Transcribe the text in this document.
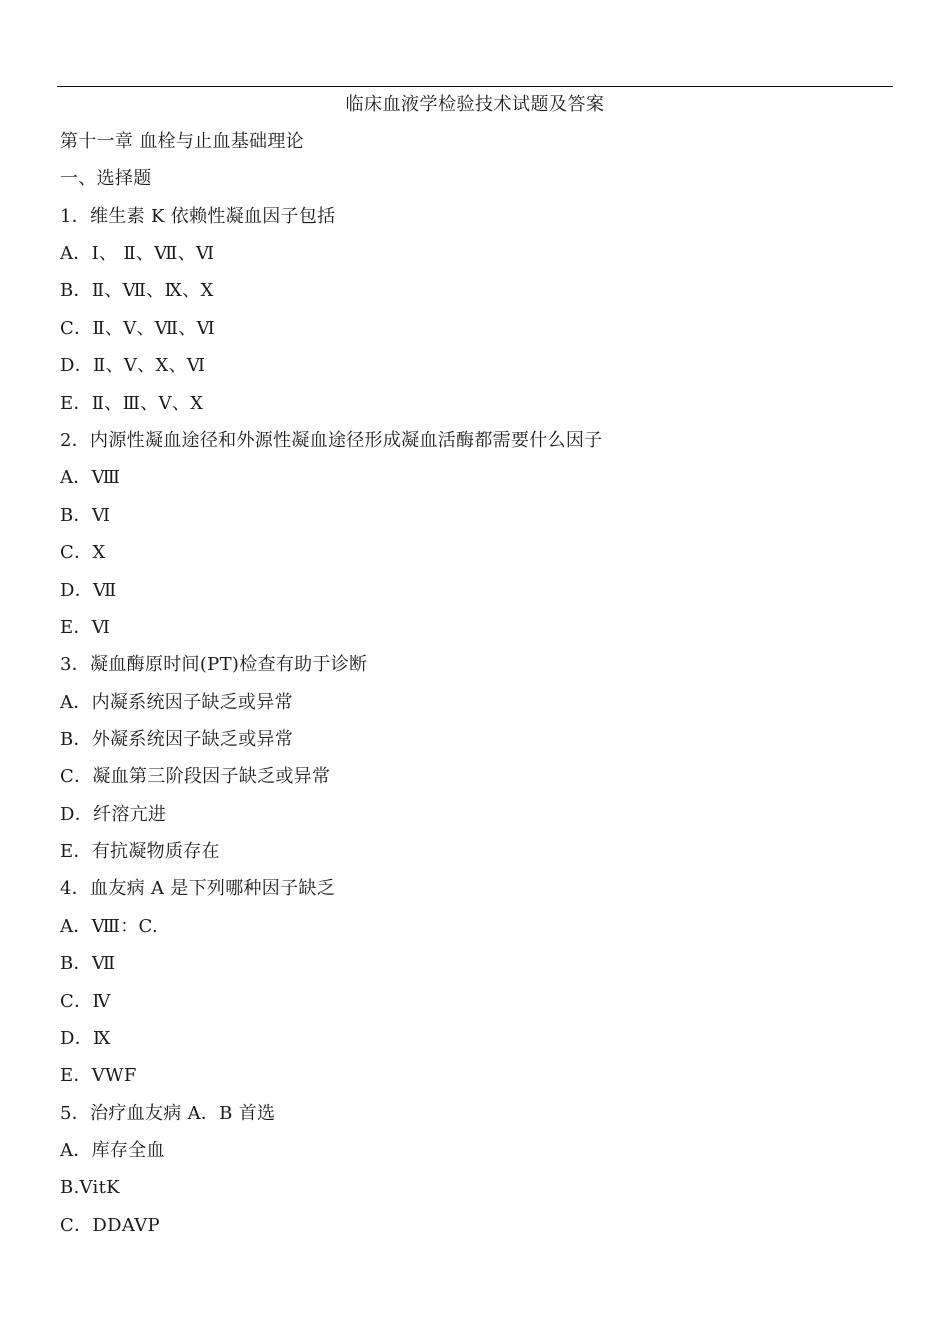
临床血液学检验技术试题及答案
第十一章 血栓与止血基础理论
一、选择题
1．维生素 K 依赖性凝血因子包括
A．Ⅰ、 Ⅱ、Ⅶ、Ⅵ
B．Ⅱ、Ⅶ、Ⅸ、Ⅹ
C．Ⅱ、Ⅴ、Ⅶ、Ⅵ
D．Ⅱ、Ⅴ、Ⅹ、Ⅵ
E．Ⅱ、Ⅲ、Ⅴ、Ⅹ
2．内源性凝血途径和外源性凝血途径形成凝血活酶都需要什么因子
A．Ⅷ
B．Ⅵ
C．X
D．Ⅶ
E．Ⅵ
3．凝血酶原时间(PT)检查有助于诊断
A．内凝系统因子缺乏或异常
B．外凝系统因子缺乏或异常
C．凝血第三阶段因子缺乏或异常
D．纤溶亢进
E．有抗凝物质存在
4．血友病 A 是下列哪种因子缺乏
A．Ⅷ：C.
B．Ⅶ
C．Ⅳ
D．Ⅸ
E．VWF
5．治疗血友病 A．B 首选
A．库存全血
B.VitK
C．DDAVP
